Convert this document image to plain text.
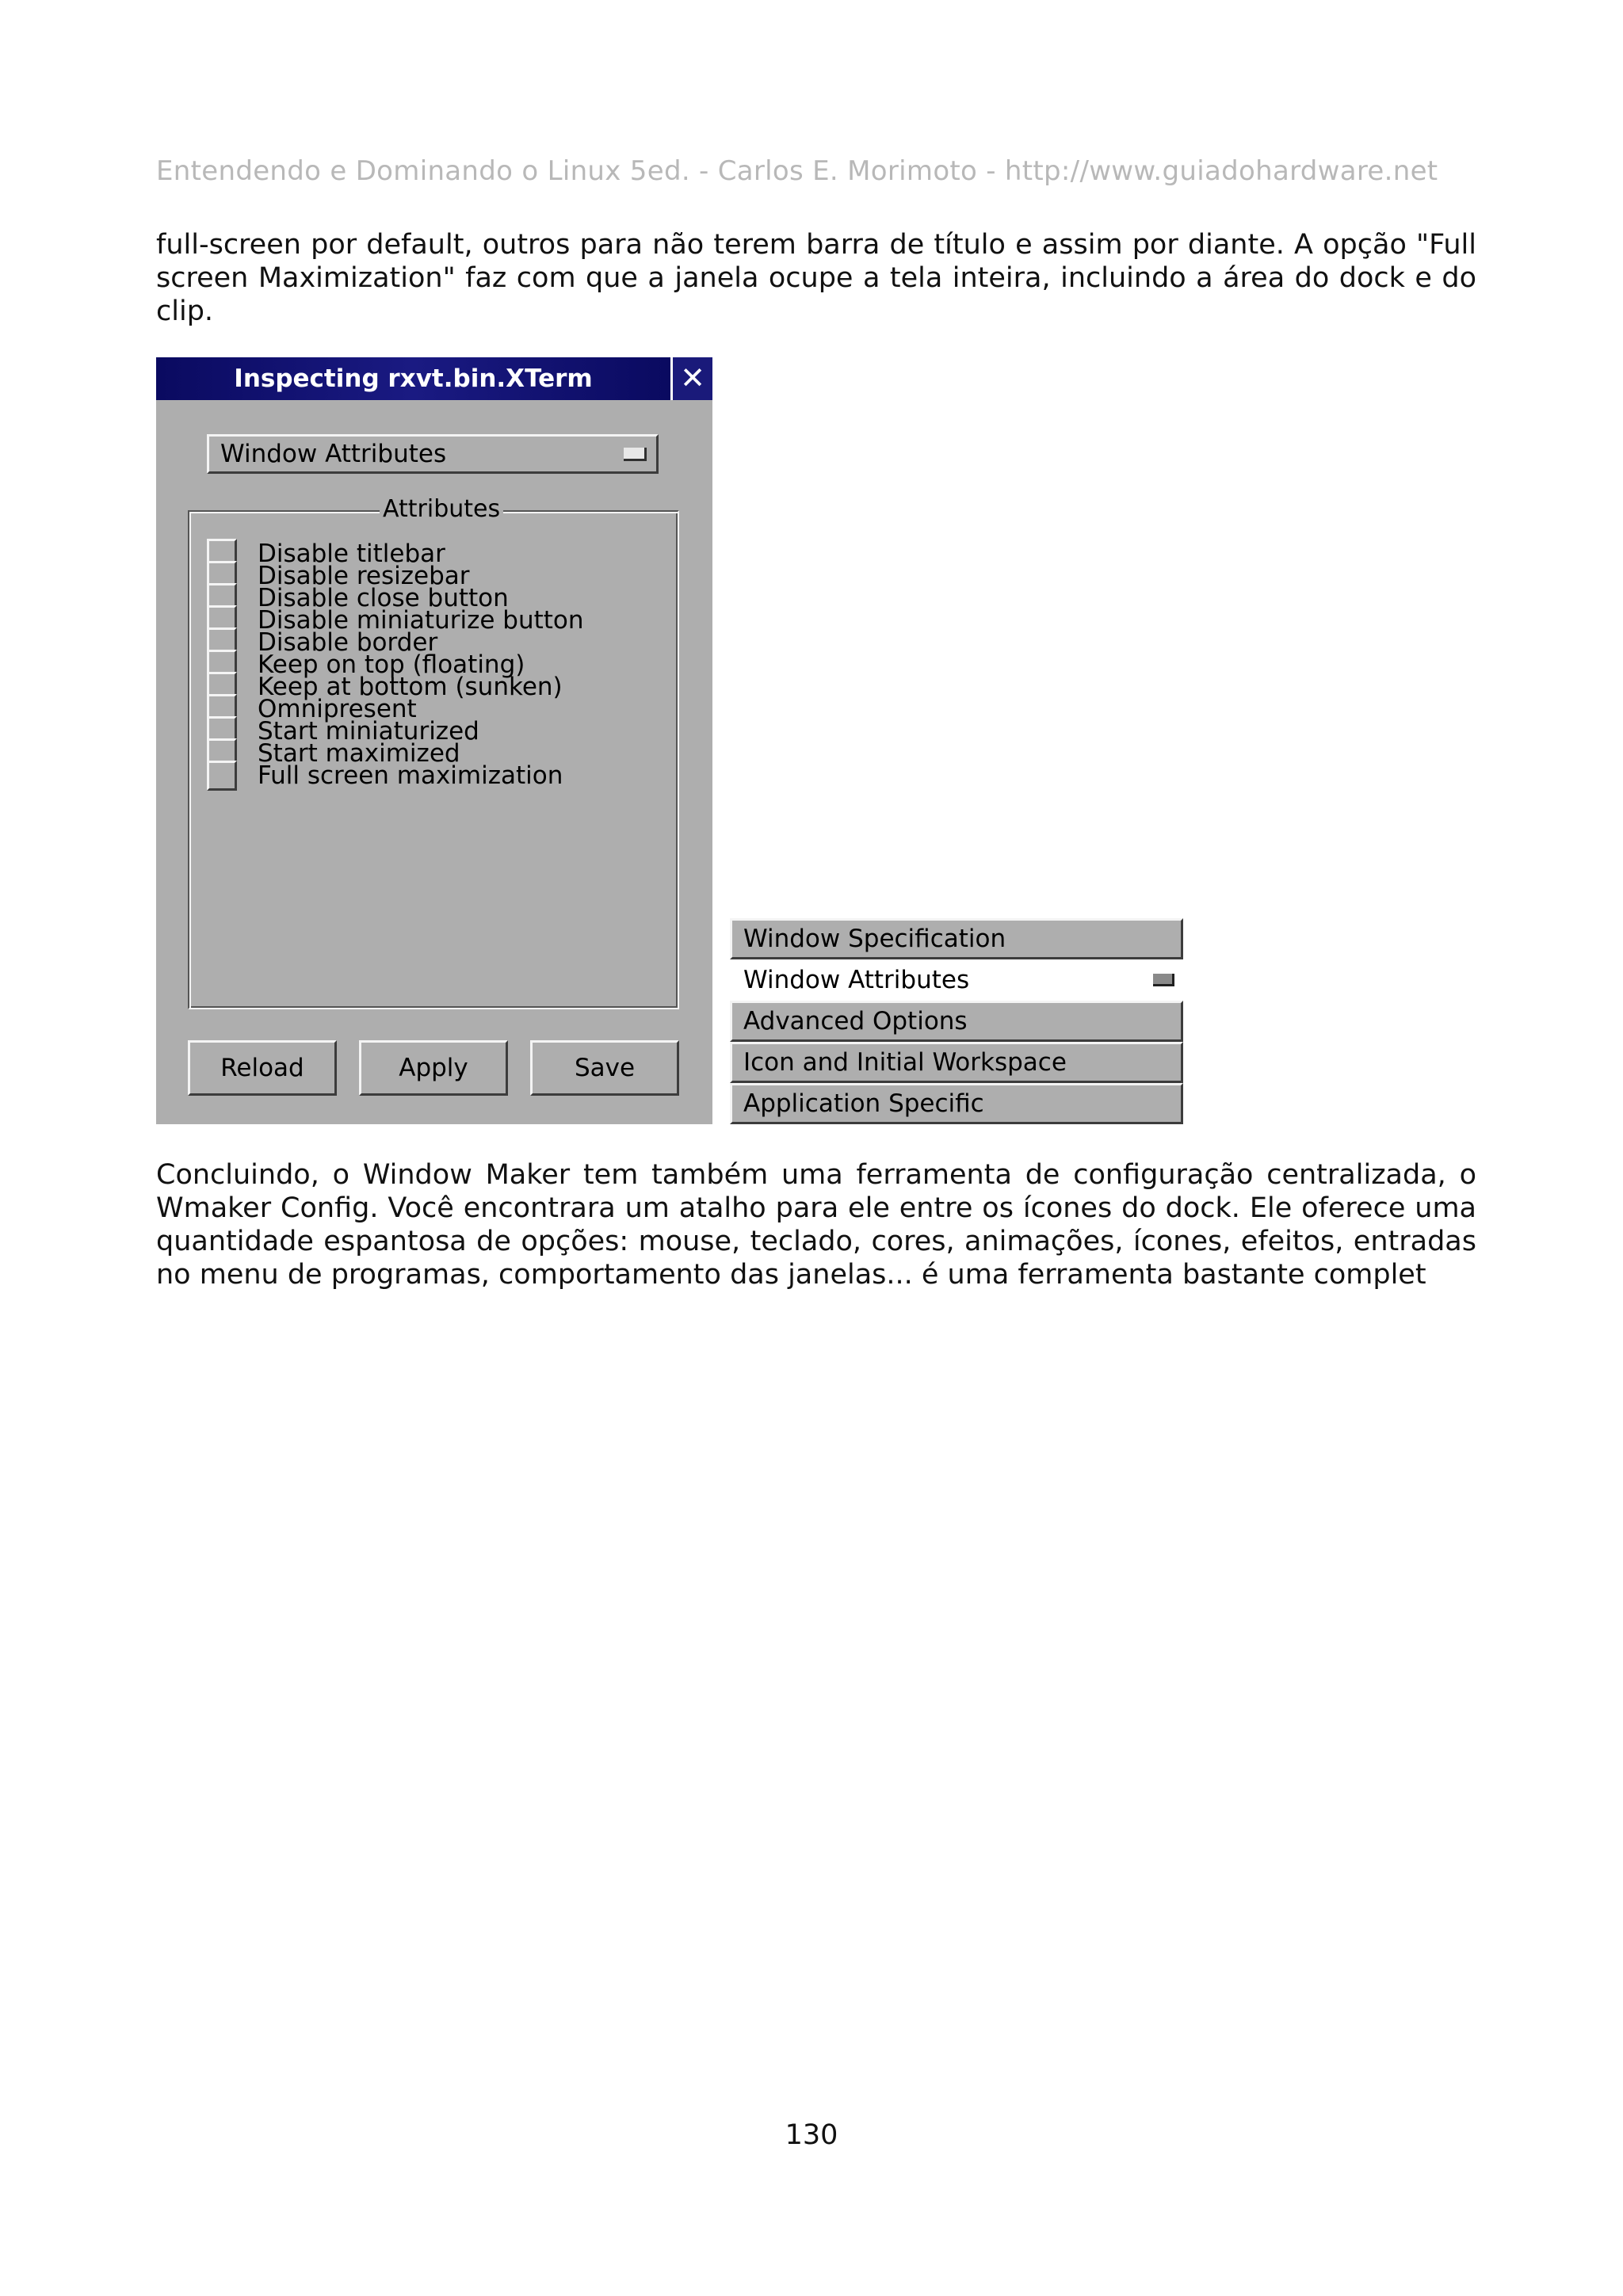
Entendendo e Dominando o Linux 5ed. - Carlos E. Morimoto - http://www.guiadohardware.net
full-screen por default, outros para não terem barra de título e assim por diante. A opção "Full screen Maximization" faz com que a janela ocupe a tela inteira, incluindo a área do dock e do clip.
Inspecting rxvt.bin.XTerm	✕
Window Attributes
Attributes
Disable titlebar
Disable resizebar
Disable close button
Disable miniaturize button
Disable border
Keep on top (floating)
Keep at bottom (sunken)
Omnipresent
Start miniaturized
Start maximized
Full screen maximization
Reload	Apply	Save
Window Specification
Window Attributes
Advanced Options
Icon and Initial Workspace
Application Specific
Concluindo, o Window Maker tem também uma ferramenta de configuração centralizada, o Wmaker Config. Você encontrara um atalho para ele entre os ícones do dock. Ele oferece uma quantidade espantosa de opções: mouse, teclado, cores, animações, ícones, efeitos, entradas no menu de programas, comportamento das janelas... é uma ferramenta bastante complet
130
